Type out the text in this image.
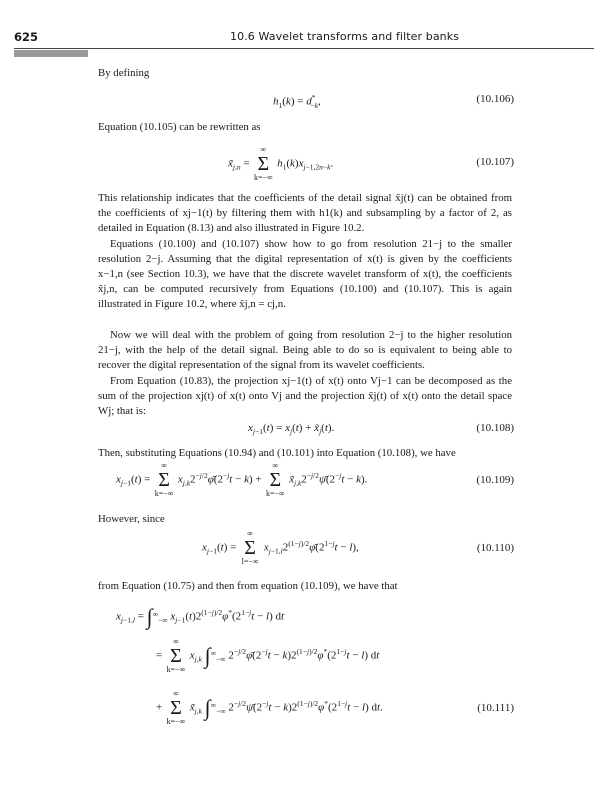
625	10.6 Wavelet transforms and filter banks
By defining
$h_1(k) = d^*_{-k}$,	(10.106)
Equation (10.105) can be rewritten as
$x̃_{j,n}$ =
∞
Σ
k=−∞
$h_1(k)x_{j-1,2n-k}$.	(10.107)
This relationship indicates that the coefficients of the detail signal x̃j(t) can be obtained from the coefficients of xj−1(t) by filtering them with h1(k) and subsampling by a factor of 2, as detailed in Equation (8.13) and also illustrated in Figure 10.2.
Equations (10.100) and (10.107) show how to go from resolution 21−j to the smaller resolution 2−j. Assuming that the digital representation of x(t) is given by the coefficients x−1,n (see Section 10.3), we have that the discrete wavelet transform of x(t), the coefficients x̃j,n, can be computed recursively from Equations (10.100) and (10.107). This is again illustrated in Figure 10.2, where x̃j,n = cj,n.
Now we will deal with the problem of going from resolution 2−j to the higher resolution 21−j, with the help of the detail signal. Being able to do so is equivalent to being able to recover the digital representation of the signal from its wavelet coefficients.
From Equation (10.83), the projection xj−1(t) of x(t) onto Vj−1 can be decomposed as the sum of the projection xj(t) of x(t) onto Vj and the projection x̃j(t) of x(t) onto the detail space Wj; that is:
$x_{j-1}(t) = x_j(t)$ + $x̃_j(t)$.	(10.108)
Then, substituting Equations (10.94) and (10.101) into Equation (10.108), we have
$x_{j-1}(t)$ =
∞
Σ
k=−∞
$x_{j,k}2^{-j/2}\varphī(2^{-j}t - k)$ +
∞
Σ
k=−∞
$x̃_{j,k}2^{-j/2}\psī(2^{-j}t - k)$.	(10.109)
However, since
$x_{j-1}(t)$ =
∞
Σ
l=−∞
$x_{j-1,l}2^{(1-j)/2}\varphī(2^{1-j}t - l)$,	(10.110)
from Equation (10.75) and then from equation (10.109), we have that
$x_{j-1,l} = \int^\infty_{-\infty}$ $x_{j-1}(t)2^{(1-j)/2}\varphi^*(2^{1-j}t - l)$ dt
=
∞
Σ
k=−∞
$x_{j,k}$ $\int^\infty_{-\infty}$ $2^{-j/2}\varphī(2^{-j}t - k)2^{(1-j)/2}\varphi^*(2^{1-j}t - l)$ dt
+
∞
Σ
k=−∞
$x̃_{j,k}$ $\int^\infty_{-\infty}$ $2^{-j/2}\psī(2^{-j}t - k)2^{(1-j)/2}\varphi^*(2^{1-j}t - l)$ dt.	(10.111)
